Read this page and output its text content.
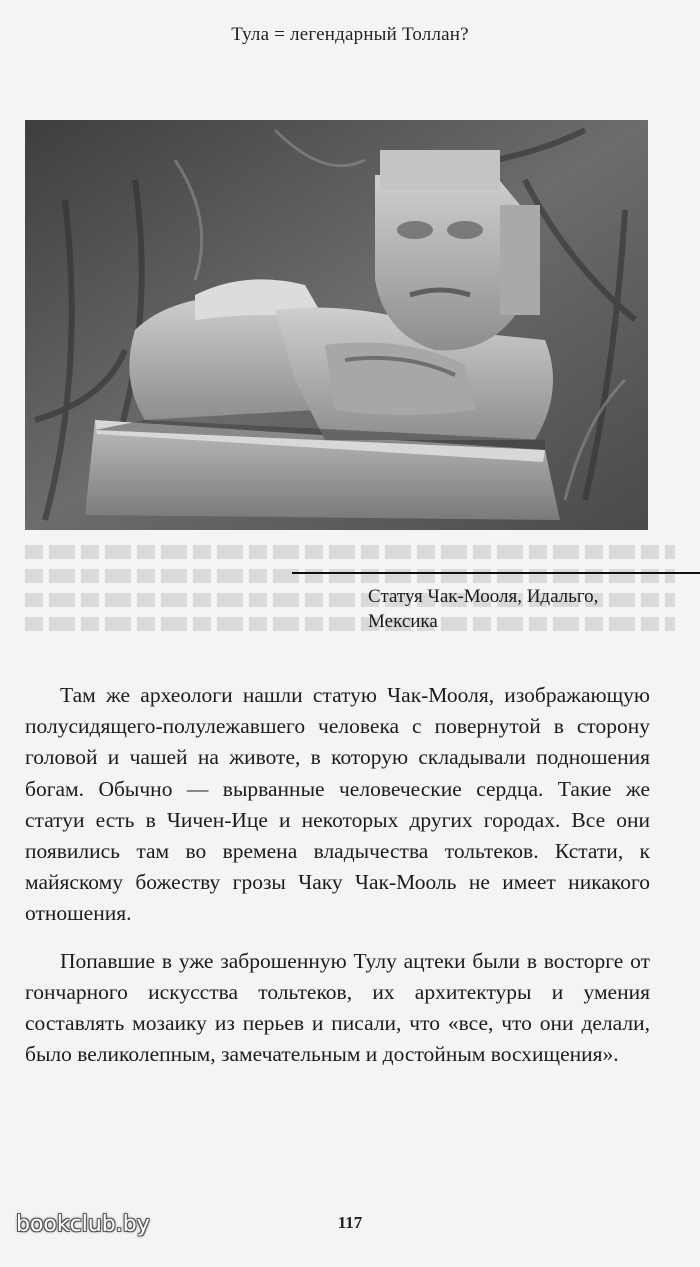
Тула = легендарный Толлан?
Статуя Чак-Мооля, Идальго,
Мексика

Там же археологи нашли статую Чак-Мооля, изображающую полусидящего-полулежавшего человека с повернутой в сторону головой и чашей на животе, в которую складывали подношения богам. Обычно — вырванные человеческие сердца. Такие же статуи есть в Чичен-Ице и некоторых других городах. Все они появились там во времена владычества тольтеков. Кстати, к майяскому божеству грозы Чаку Чак-Мооль не имеет никакого отношения.

Попавшие в уже заброшенную Тулу ацтеки были в восторге от гончарного искусства тольтеков, их архитектуры и умения составлять мозаику из перьев и писали, что «все, что они делали, было великолепным, замечательным и достойным восхищения».

117
bookclub.by
